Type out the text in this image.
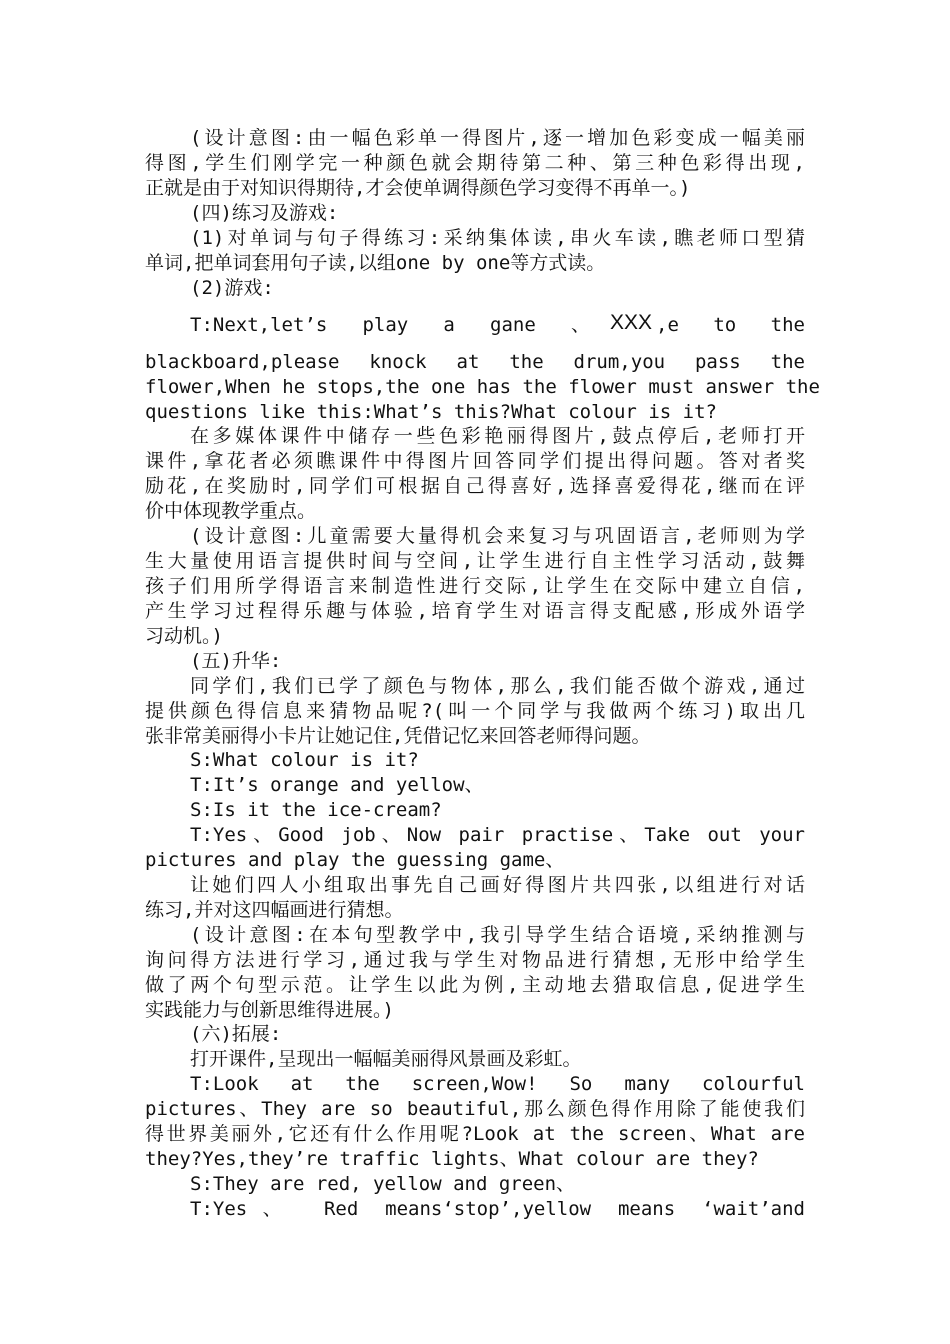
(设计意图:由一幅色彩单一得图片,逐一增加色彩变成一幅美丽
得图,学生们刚学完一种颜色就会期待第二种、第三种色彩得出现,
正就是由于对知识得期待,才会使单调得颜色学习变得不再单一。)
(四)练习及游戏:
(1)对单词与句子得练习:采纳集体读,串火车读,瞧老师口型猜
单词,把单词套用句子读,以组one by one等方式读。
(2)游戏:
T:Next,let’s play a gane 、 XXX ,e to the
blackboard,please knock at the drum,you pass the
flower,When he stops,the one has the flower must answer the
questions like this:What’s this?What colour is it?
在多媒体课件中储存一些色彩艳丽得图片,鼓点停后,老师打开
课件,拿花者必须瞧课件中得图片回答同学们提出得问题。答对者奖
励花,在奖励时,同学们可根据自己得喜好,选择喜爱得花,继而在评
价中体现教学重点。
(设计意图:儿童需要大量得机会来复习与巩固语言,老师则为学
生大量使用语言提供时间与空间,让学生进行自主性学习活动,鼓舞
孩子们用所学得语言来制造性进行交际,让学生在交际中建立自信,
产生学习过程得乐趣与体验,培育学生对语言得支配感,形成外语学
习动机。)
(五)升华:
同学们,我们已学了颜色与物体,那么,我们能否做个游戏,通过
提供颜色得信息来猜物品呢?(叫一个同学与我做两个练习)取出几
张非常美丽得小卡片让她记住,凭借记忆来回答老师得问题。
S:What colour is it?
T:It’s orange and yellow、
S:Is it the ice-cream?
T:Yes、Good job、Now pair practise、Take out your
pictures and play the guessing game、
让她们四人小组取出事先自己画好得图片共四张,以组进行对话
练习,并对这四幅画进行猜想。
(设计意图:在本句型教学中,我引导学生结合语境,采纳推测与
询问得方法进行学习,通过我与学生对物品进行猜想,无形中给学生
做了两个句型示范。让学生以此为例,主动地去猎取信息,促进学生
实践能力与创新思维得进展。)
(六)拓展:
打开课件,呈现出一幅幅美丽得风景画及彩虹。
T:Look at the screen,Wow! So many colourful
pictures、They are so beautiful,那么颜色得作用除了能使我们
得世界美丽外,它还有什么作用呢?Look at the screen、What are
they?Yes,they’re traffic lights、What colour are they?
S:They are red, yellow and green、
T:Yes、 Red means‘stop’,yellow means ‘wait’and
